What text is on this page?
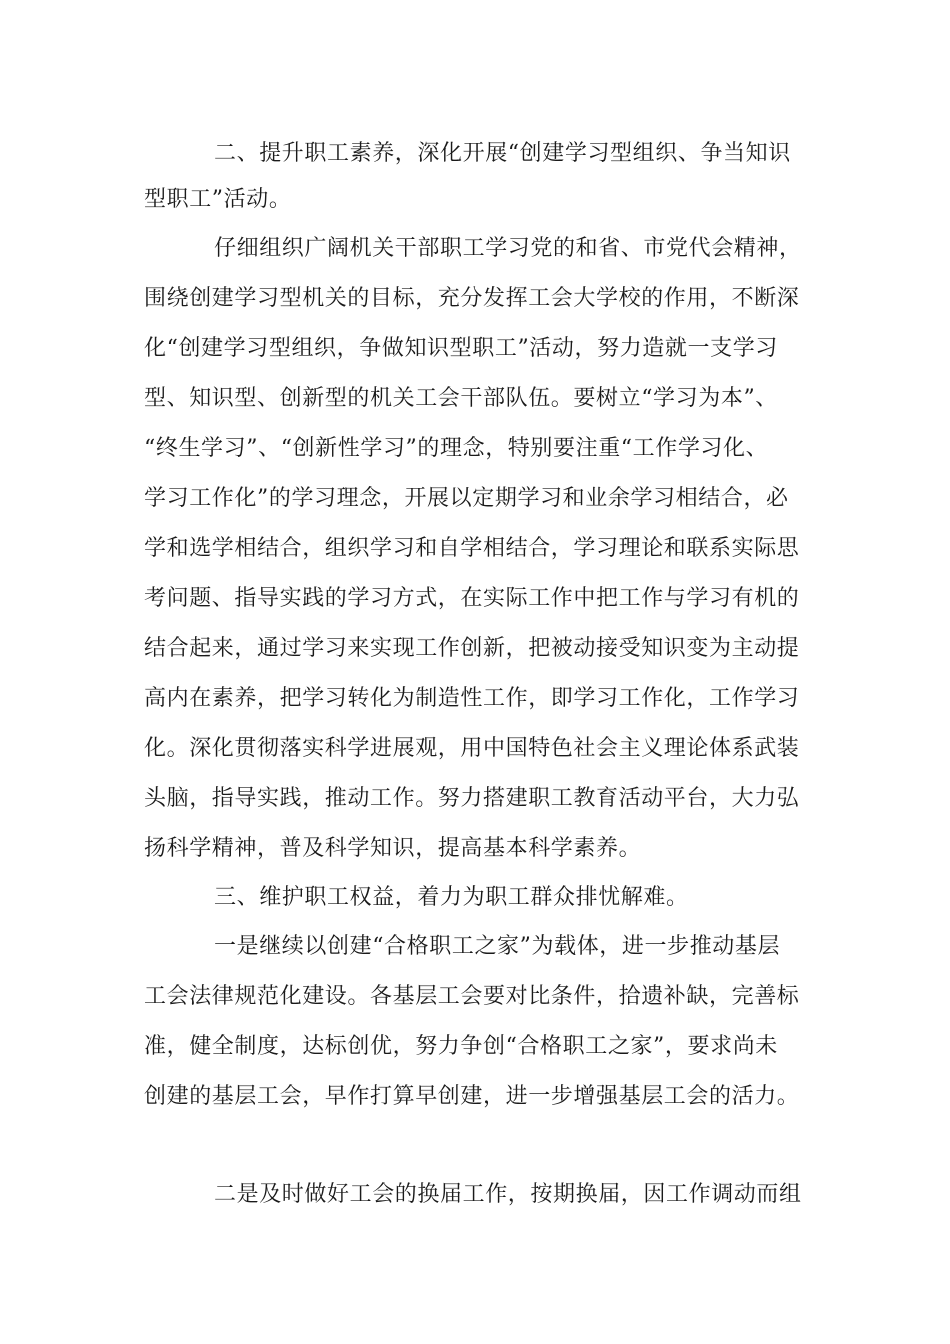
二、提升职工素养，深化开展“创建学习型组织、争当知识
型职工”活动。
仔细组织广阔机关干部职工学习党的和省、市党代会精神，
围绕创建学习型机关的目标，充分发挥工会大学校的作用，不断深
化“创建学习型组织，争做知识型职工”活动，努力造就一支学习
型、知识型、创新型的机关工会干部队伍。要树立“学习为本”、
“终生学习”、“创新性学习”的理念，特别要注重“工作学习化、
学习工作化”的学习理念，开展以定期学习和业余学习相结合，必
学和选学相结合，组织学习和自学相结合，学习理论和联系实际思
考问题、指导实践的学习方式，在实际工作中把工作与学习有机的
结合起来，通过学习来实现工作创新，把被动接受知识变为主动提
高内在素养，把学习转化为制造性工作，即学习工作化，工作学习
化。深化贯彻落实科学进展观，用中国特色社会主义理论体系武装
头脑，指导实践，推动工作。努力搭建职工教育活动平台，大力弘
扬科学精神，普及科学知识，提高基本科学素养。
三、维护职工权益，着力为职工群众排忧解难。
一是继续以创建“合格职工之家”为载体，进一步推动基层
工会法律规范化建设。各基层工会要对比条件，拾遗补缺，完善标
准，健全制度，达标创优，努力争创“合格职工之家”，要求尚未
创建的基层工会，早作打算早创建，进一步增强基层工会的活力。
二是及时做好工会的换届工作，按期换届，因工作调动而组
